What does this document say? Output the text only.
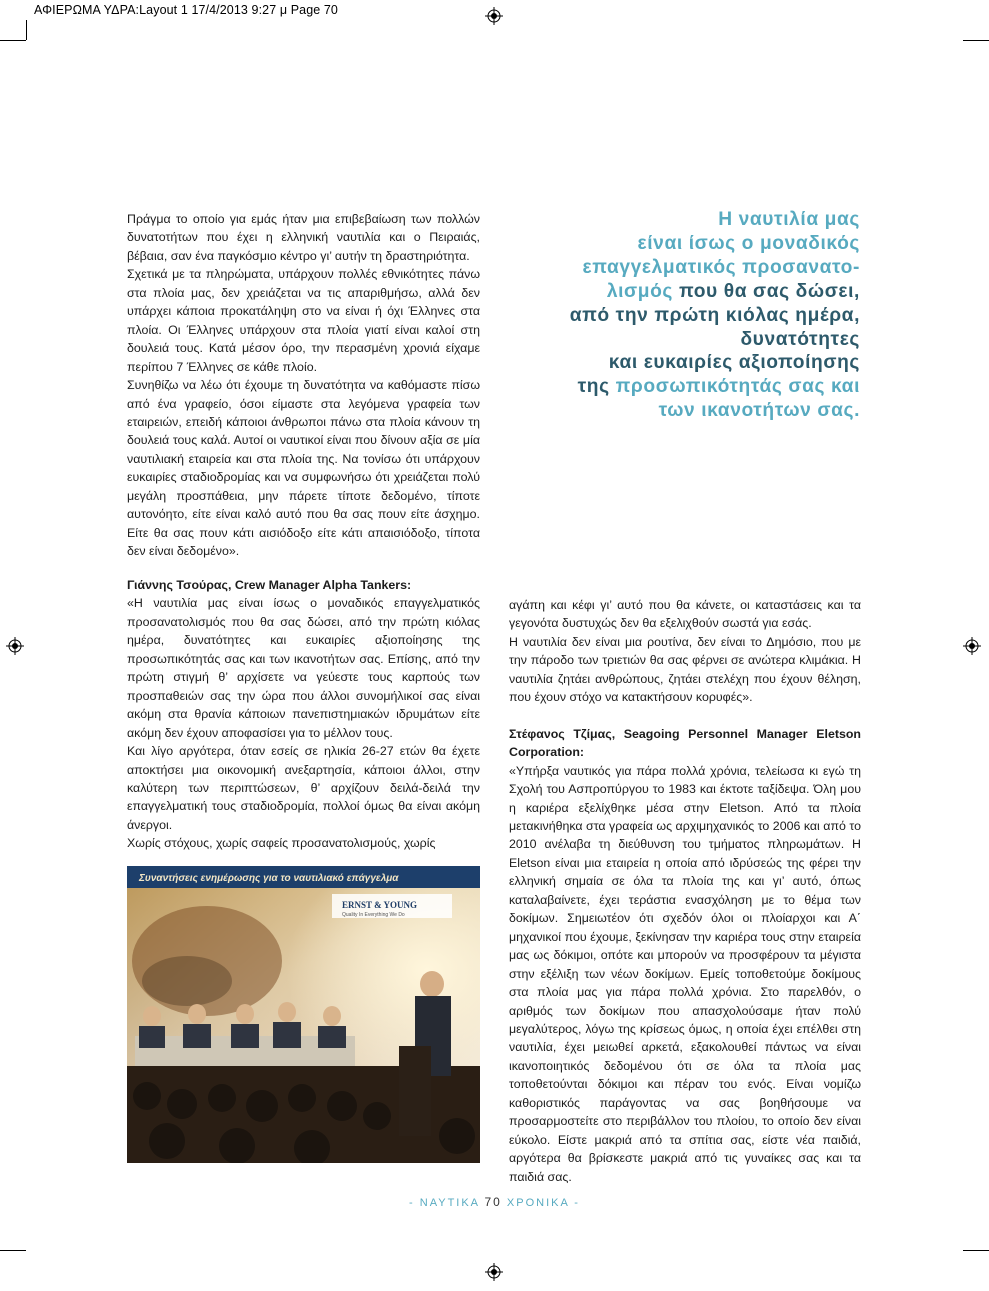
ΑΦΙΕΡΩΜΑ ΥΔΡΑ:Layout 1 17/4/2013 9:27 μ Page 70

Πράγμα το οποίο για εμάς ήταν μια επιβεβαίωση των πολλών δυνατοτήτων που έχει η ελληνική ναυτιλία και ο Πειραιάς, βέβαια, σαν ένα παγκόσμιο κέντρο γι’ αυτήν τη δραστηριότητα.

Σχετικά με τα πληρώματα, υπάρχουν πολλές εθνικότητες πάνω στα πλοία μας, δεν χρειάζεται να τις απαριθμήσω, αλλά δεν υπάρχει κάποια προκατάληψη στο να είναι ή όχι Έλληνες στα πλοία. Οι Έλληνες υπάρχουν στα πλοία γιατί είναι καλοί στη δουλειά τους. Κατά μέσον όρο, την περασμένη χρονιά είχαμε περίπου 7 Έλληνες σε κάθε πλοίο.

Συνηθίζω να λέω ότι έχουμε τη δυνατότητα να καθόμαστε πίσω από ένα γραφείο, όσοι είμαστε στα λεγόμενα γραφεία των εταιρειών, επειδή κάποιοι άνθρωποι πάνω στα πλοία κάνουν τη δουλειά τους καλά. Αυτοί οι ναυτικοί είναι που δίνουν αξία σε μία ναυτιλιακή εταιρεία και στα πλοία της. Να τονίσω ότι υπάρχουν ευκαιρίες σταδιοδρομίας και να συμφωνήσω ότι χρειάζεται πολύ μεγάλη προσπάθεια, μην πάρετε τίποτε δεδομένο, τίποτε αυτονόητο, είτε είναι καλό αυτό που θα σας πουν είτε άσχημο. Είτε θα σας πουν κάτι αισιόδοξο είτε κάτι απαισιόδοξο, τίποτα δεν είναι δεδομένο».

Η ναυτιλία μας
είναι ίσως ο μοναδικός
επαγγελματικός προσανατο-
λισμός που θα σας δώσει,
από την πρώτη κιόλας ημέρα,
δυνατότητες
και ευκαιρίες αξιοποίησης
της προσωπικότητάς σας και
των ικανοτήτων σας.

Γιάννης Τσούρας, Crew Manager Alpha Tankers:

«Η ναυτιλία μας είναι ίσως ο μοναδικός επαγγελματικός προσανατολισμός που θα σας δώσει, από την πρώτη κιόλας ημέρα, δυνατότητες και ευκαιρίες αξιοποίησης της προσωπικότητάς σας και των ικανοτήτων σας. Επίσης, από την πρώτη στιγμή θ’ αρχίσετε να γεύεστε τους καρπούς των προσπαθειών σας την ώρα που άλλοι συνομήλικοί σας είναι ακόμη στα θρανία κάποιων πανεπιστημιακών ιδρυμάτων είτε ακόμη δεν έχουν αποφασίσει για το μέλλον τους.

Και λίγο αργότερα, όταν εσείς σε ηλικία 26-27 ετών θα έχετε αποκτήσει μια οικονομική ανεξαρτησία, κάποιοι άλλοι, στην καλύτερη των περιπτώσεων, θ’ αρχίζουν δειλά-δειλά την επαγγελματική τους σταδιοδρομία, πολλοί όμως θα είναι ακόμη άνεργοι.

Χωρίς στόχους, χωρίς σαφείς προσανατολισμούς, χωρίς

Συναντήσεις ενημέρωσης για το ναυτιλιακό επάγγελμα
ERNST & YOUNG
Quality In Everything We Do

αγάπη και κέφι γι’ αυτό που θα κάνετε, οι καταστάσεις και τα γεγονότα δυστυχώς δεν θα εξελιχθούν σωστά για εσάς.

Η ναυτιλία δεν είναι μια ρουτίνα, δεν είναι το Δημόσιο, που με την πάροδο των τριετιών θα σας φέρνει σε ανώτερα κλιμάκια. Η ναυτιλία ζητάει ανθρώπους, ζητάει στελέχη που έχουν θέληση, που έχουν στόχο να κατακτήσουν κορυφές».

Στέφανος Τζίμας, Seagoing Personnel Manager Eletson Corporation:

«Υπήρξα ναυτικός για πάρα πολλά χρόνια, τελείωσα κι εγώ τη Σχολή του Ασπροπύργου το 1983 και έκτοτε ταξίδεψα. Όλη μου η καριέρα εξελίχθηκε μέσα στην Eletson. Από τα πλοία μετακινήθηκα στα γραφεία ως αρχιμηχανικός το 2006 και από το 2010 ανέλαβα τη διεύθυνση του τμήματος πληρωμάτων. Η Eletson είναι μια εταιρεία η οποία από ιδρύσεώς της φέρει την ελληνική σημαία σε όλα τα πλοία της και γι’ αυτό, όπως καταλαβαίνετε, έχει τεράστια ενασχόληση με το θέμα των δοκίμων. Σημειωτέον ότι σχεδόν όλοι οι πλοίαρχοι και Α΄ μηχανικοί που έχουμε, ξεκίνησαν την καριέρα τους στην εταιρεία μας ως δόκιμοι, οπότε και μπορούν να προσφέρουν τα μέγιστα στην εξέλιξη των νέων δοκίμων. Εμείς τοποθετούμε δοκίμους στα πλοία μας για πάρα πολλά χρόνια. Στο παρελθόν, ο αριθμός των δοκίμων που απασχολούσαμε ήταν πολύ μεγαλύτερος, λόγω της κρίσεως όμως, η οποία έχει επέλθει στη ναυτιλία, έχει μειωθεί αρκετά, εξακολουθεί πάντως να είναι ικανοποιητικός δεδομένου ότι σε όλα τα πλοία μας τοποθετούνται δόκιμοι και πέραν του ενός. Είναι νομίζω καθοριστικός παράγοντας να σας βοηθήσουμε να προσαρμοστείτε στο περιβάλλον του πλοίου, το οποίο δεν είναι εύκολο. Είστε μακριά από τα σπίτια σας, είστε νέα παιδιά, αργότερα θα βρίσκεστε μακριά από τις γυναίκες σας και τα παιδιά σας.

- ΝΑΥΤΙΚΑ 70 ΧΡΟΝΙΚΑ -
